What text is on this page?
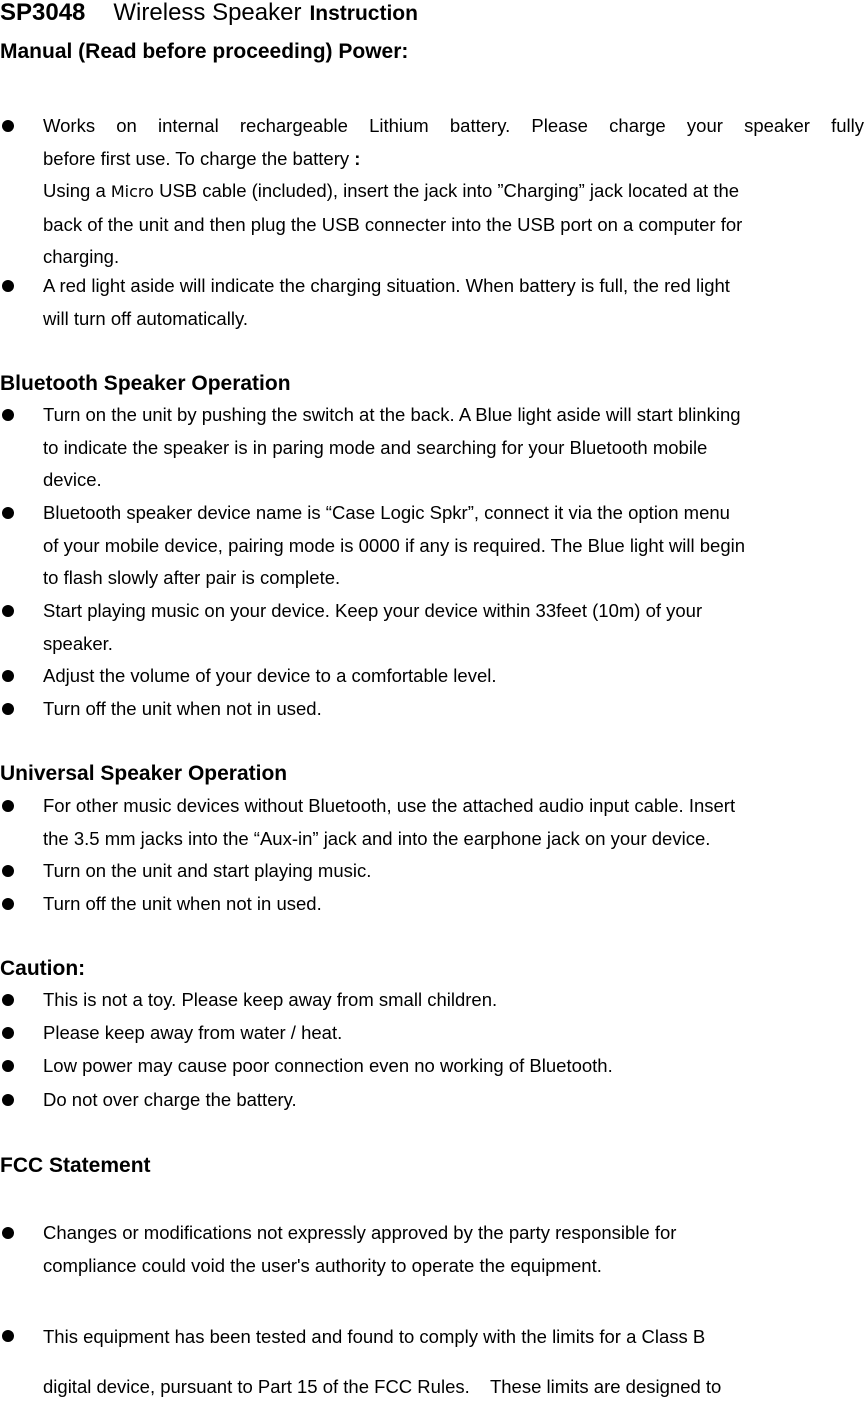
SP3048 Wireless Speaker Instruction
Manual (Read before proceeding) Power:
Works on internal rechargeable Lithium battery. Please charge your speaker fully
before first use. To charge the battery :
Using a Micro USB cable (included), insert the jack into ”Charging” jack located at the
back of the unit and then plug the USB connecter into the USB port on a computer for
charging.
A red light aside will indicate the charging situation. When battery is full, the red light
will turn off automatically.
Bluetooth Speaker Operation
Turn on the unit by pushing the switch at the back. A Blue light aside will start blinking
to indicate the speaker is in paring mode and searching for your Bluetooth mobile
device.
Bluetooth speaker device name is “Case Logic Spkr”, connect it via the option menu
of your mobile device, pairing mode is 0000 if any is required. The Blue light will begin
to flash slowly after pair is complete.
Start playing music on your device. Keep your device within 33feet (10m) of your
speaker.
Adjust the volume of your device to a comfortable level.
Turn off the unit when not in used.
Universal Speaker Operation
For other music devices without Bluetooth, use the attached audio input cable. Insert
the 3.5 mm jacks into the “Aux-in” jack and into the earphone jack on your device.
Turn on the unit and start playing music.
Turn off the unit when not in used.
Caution:
This is not a toy. Please keep away from small children.
Please keep away from water / heat.
Low power may cause poor connection even no working of Bluetooth.
Do not over charge the battery.
FCC Statement
Changes or modifications not expressly approved by the party responsible for
compliance could void the user's authority to operate the equipment.
This equipment has been tested and found to comply with the limits for a Class B
digital device, pursuant to Part 15 of the FCC Rules.    These limits are designed to
